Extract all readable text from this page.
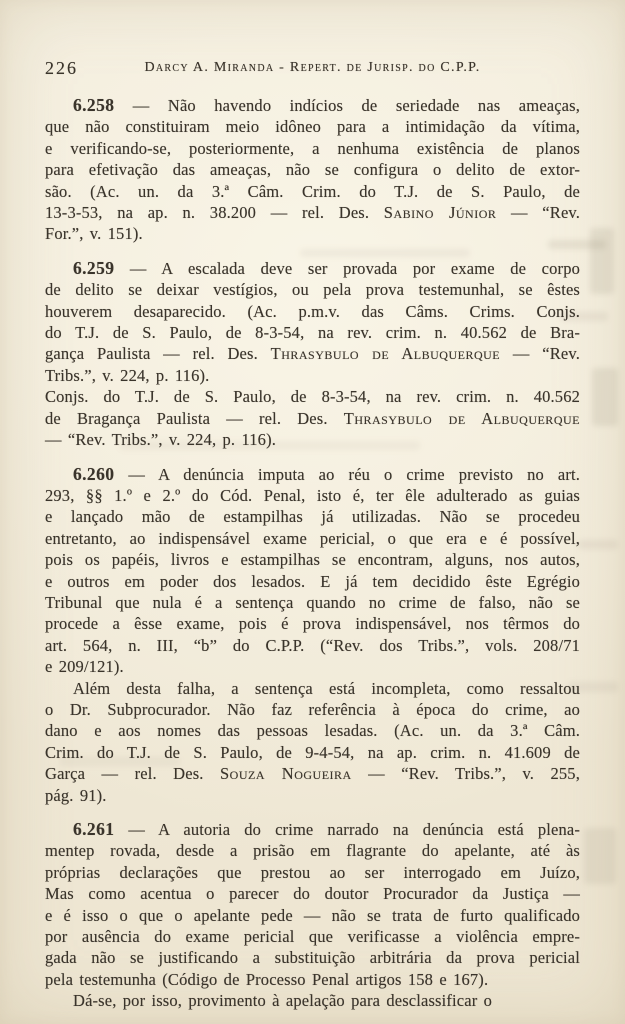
226	Darcy A. Miranda - Repert. de Jurisp. do C.P.P.
6.258 — Não havendo indícios de seriedade nas ameaças,
que não constituiram meio idôneo para a intimidação da vítima,
e verificando-se, posteriormente, a nenhuma existência de planos
para efetivação das ameaças, não se configura o delito de extor-
são. (Ac. un. da 3.ª Câm. Crim. do T.J. de S. Paulo, de
13-3-53, na ap. n. 38.200 — rel. Des. Sabino Júnior — “Rev.
For.”, v. 151).
6.259 — A escalada deve ser provada por exame de corpo
de delito se deixar vestígios, ou pela prova testemunhal, se êstes
houverem desaparecido. (Ac. p.m.v. das Câms. Crims. Conjs.
do T.J. de S. Paulo, de 8-3-54, na rev. crim. n. 40.562 de Bra-
gança Paulista — rel. Des. Thrasybulo de Albuquerque — “Rev.
Tribs.”, v. 224, p. 116).
Conjs. do T.J. de S. Paulo, de 8-3-54, na rev. crim. n. 40.562
de Bragança Paulista — rel. Des. Thrasybulo de Albuquerque
— “Rev. Tribs.”, v. 224, p. 116).
6.260 — A denúncia imputa ao réu o crime previsto no art.
293, §§ 1.º e 2.º do Cód. Penal, isto é, ter êle adulterado as guias
e lançado mão de estampilhas já utilizadas. Não se procedeu
entretanto, ao indispensável exame pericial, o que era e é possível,
pois os papéis, livros e estampilhas se encontram, alguns, nos autos,
e outros em poder dos lesados. E já tem decidido êste Egrégio
Tribunal que nula é a sentença quando no crime de falso, não se
procede a êsse exame, pois é prova indispensável, nos têrmos do
art. 564, n. III, “b” do C.P.P. (“Rev. dos Tribs.”, vols. 208/71
e 209/121).
Além desta falha, a sentença está incompleta, como ressaltou
o Dr. Subprocurador. Não faz referência à época do crime, ao
dano e aos nomes das pessoas lesadas. (Ac. un. da 3.ª Câm.
Crim. do T.J. de S. Paulo, de 9-4-54, na ap. crim. n. 41.609 de
Garça — rel. Des. Souza Nogueira — “Rev. Tribs.”, v. 255,
pág. 91).
6.261 — A autoria do crime narrado na denúncia está plena-
mentep rovada, desde a prisão em flagrante do apelante, até às
próprias declarações que prestou ao ser interrogado em Juízo,
Mas como acentua o parecer do doutor Procurador da Justiça —
e é isso o que o apelante pede — não se trata de furto qualificado
por ausência do exame pericial que verificasse a violência empre-
gada não se justificando a substituição arbitrária da prova pericial
pela testemunha (Código de Processo Penal artigos 158 e 167).
Dá-se, por isso, provimento à apelação para desclassificar o
